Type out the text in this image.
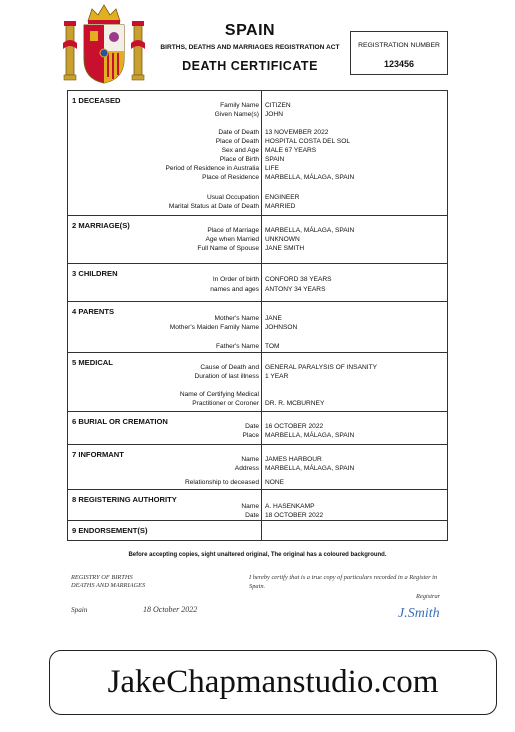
SPAIN
BIRTHS, DEATHS AND MARRIAGES REGISTRATION ACT
DEATH CERTIFICATE
REGISTRATION NUMBER
123456
1 DECEASED
Family Name CITIZEN
Given Name(s) JOHN
Date of Death 13 NOVEMBER 2022
Place of Death HOSPITAL COSTA DEL SOL
Sex and Age MALE 67 YEARS
Place of Birth SPAIN
Period of Residence in Australia LIFE
Place of Residence MARBELLA, MÁLAGA, SPAIN
Usual Occupation ENGINEER
Marital Status at Date of Death MARRIED
2 MARRIAGE(S)
Place of Marriage MARBELLA, MÁLAGA, SPAIN
Age when Married UNKNOWN
Full Name of Spouse JANE SMITH
3 CHILDREN
In Order of birth CONFORD 38 YEARS
names and ages ANTONY 34 YEARS
4 PARENTS
Mother's Name JANE
Mother's Maiden Family Name JOHNSON
Father's Name TOM
5 MEDICAL
Cause of Death and GENERAL PARALYSIS OF INSANITY
Duration of last illness 1 YEAR
Name of Certifying Medical
Practitioner or Coroner DR. R. MCBURNEY
6 BURIAL OR CREMATION
Date 16 OCTOBER 2022
Place MARBELLA, MÁLAGA, SPAIN
7 INFORMANT
Name JAMES HARBOUR
Address MARBELLA, MÁLAGA, SPAIN
Relationship to deceased NONE
8 REGISTERING AUTHORITY
Name A. HASENKAMP
Date 18 OCTOBER 2022
9 ENDORSEMENT(S)
Before accepting copies, sight unaltered original, The original has a coloured background.
REGISTRY OF BIRTHS
DEATHS AND MARRIAGES
Spain	18 October 2022
I hereby certify that is a true copy of particulars recorded in a Register in Spain.
Registrar
J.Smith
JakeChapmanstudio.com
